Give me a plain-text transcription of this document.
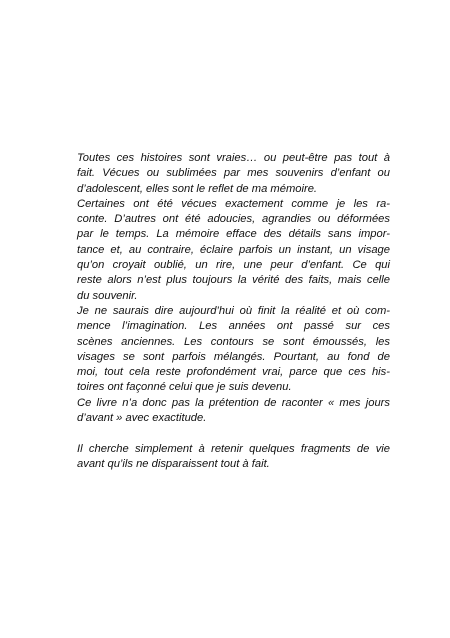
Toutes ces histoires sont vraies… ou peut-être pas tout à
fait. Vécues ou sublimées par mes souvenirs d’enfant ou
d’adolescent, elles sont le reflet de ma mémoire.
Certaines ont été vécues exactement comme je les ra-
conte. D’autres ont été adoucies, agrandies ou déformées
par le temps. La mémoire efface des détails sans impor-
tance et, au contraire, éclaire parfois un instant, un visage
qu’on croyait oublié, un rire, une peur d’enfant. Ce qui
reste alors n’est plus toujours la vérité des faits, mais celle
du souvenir.
Je ne saurais dire aujourd’hui où finit la réalité et où com-
mence l’imagination. Les années ont passé sur ces
scènes anciennes. Les contours se sont émoussés, les
visages se sont parfois mélangés. Pourtant, au fond de
moi, tout cela reste profondément vrai, parce que ces his-
toires ont façonné celui que je suis devenu.
Ce livre n’a donc pas la prétention de raconter « mes jours
d’avant » avec exactitude.
Il cherche simplement à retenir quelques fragments de vie
avant qu’ils ne disparaissent tout à fait.
